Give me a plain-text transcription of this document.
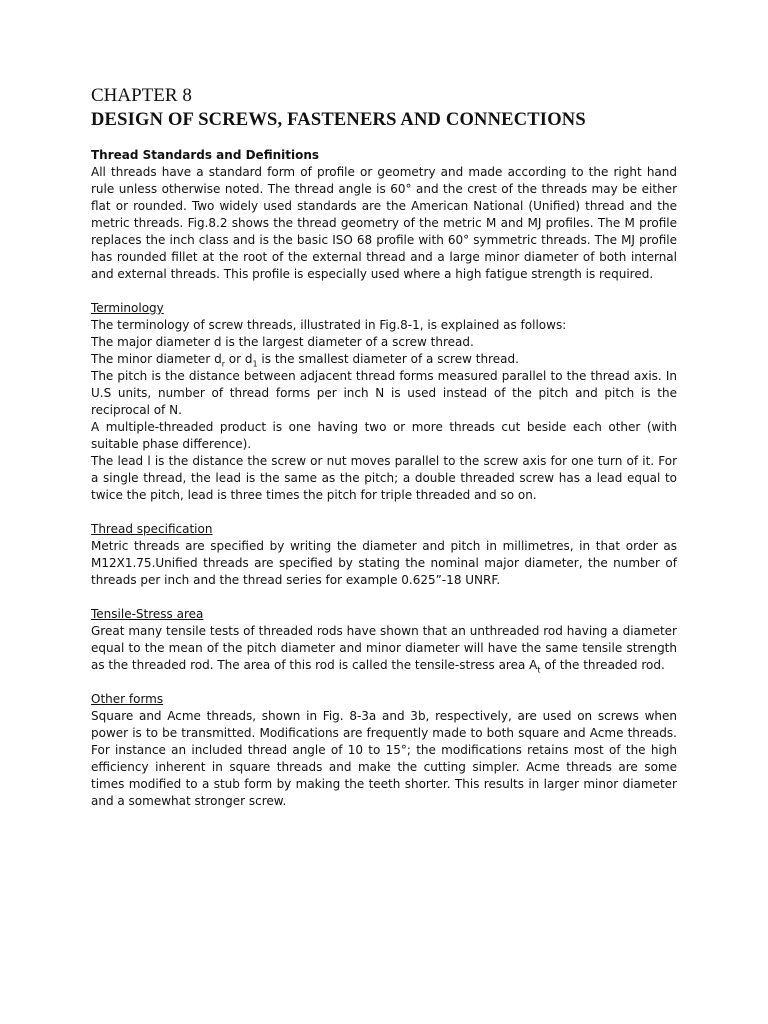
CHAPTER 8
DESIGN OF SCREWS, FASTENERS AND CONNECTIONS

Thread Standards and Definitions

All threads have a standard form of profile or geometry and made according to the right hand rule unless otherwise noted. The thread angle is 60° and the crest of the threads may be either flat or rounded. Two widely used standards are the American National (Unified) thread and the metric threads. Fig.8.2 shows the thread geometry of the metric M and MJ profiles. The M profile replaces the inch class and is the basic ISO 68 profile with 60° symmetric threads. The MJ profile has rounded fillet at the root of the external thread and a large minor diameter of both internal and external threads. This profile is especially used where a high fatigue strength is required.

Terminology

The terminology of screw threads, illustrated in Fig.8-1, is explained as follows:

The major diameter d is the largest diameter of a screw thread.

The minor diameter $d_r$ or $d_1$ is the smallest diameter of a screw thread.

The pitch is the distance between adjacent thread forms measured parallel to the thread axis. In U.S units, number of thread forms per inch N is used instead of the pitch and pitch is the reciprocal of N.

A multiple-threaded product is one having two or more threads cut beside each other (with suitable phase difference).

The lead l is the distance the screw or nut moves parallel to the screw axis for one turn of it. For a single thread, the lead is the same as the pitch; a double threaded screw has a lead equal to twice the pitch, lead is three times the pitch for triple threaded and so on.

Thread specification

Metric threads are specified by writing the diameter and pitch in millimetres, in that order as M12X1.75.Unified threads are specified by stating the nominal major diameter, the number of threads per inch and the thread series for example 0.625”-18 UNRF.

Tensile-Stress area

Great many tensile tests of threaded rods have shown that an unthreaded rod having a diameter equal to the mean of the pitch diameter and minor diameter will have the same tensile strength as the threaded rod. The area of this rod is called the tensile-stress area $A_t$ of the threaded rod.

Other forms

Square and Acme threads, shown in Fig. 8-3a and 3b, respectively, are used on screws when power is to be transmitted. Modifications are frequently made to both square and Acme threads. For instance an included thread angle of 10 to 15°; the modifications retains most of the high efficiency inherent in square threads and make the cutting simpler. Acme threads are some times modified to a stub form by making the teeth shorter. This results in larger minor diameter and a somewhat stronger screw.
